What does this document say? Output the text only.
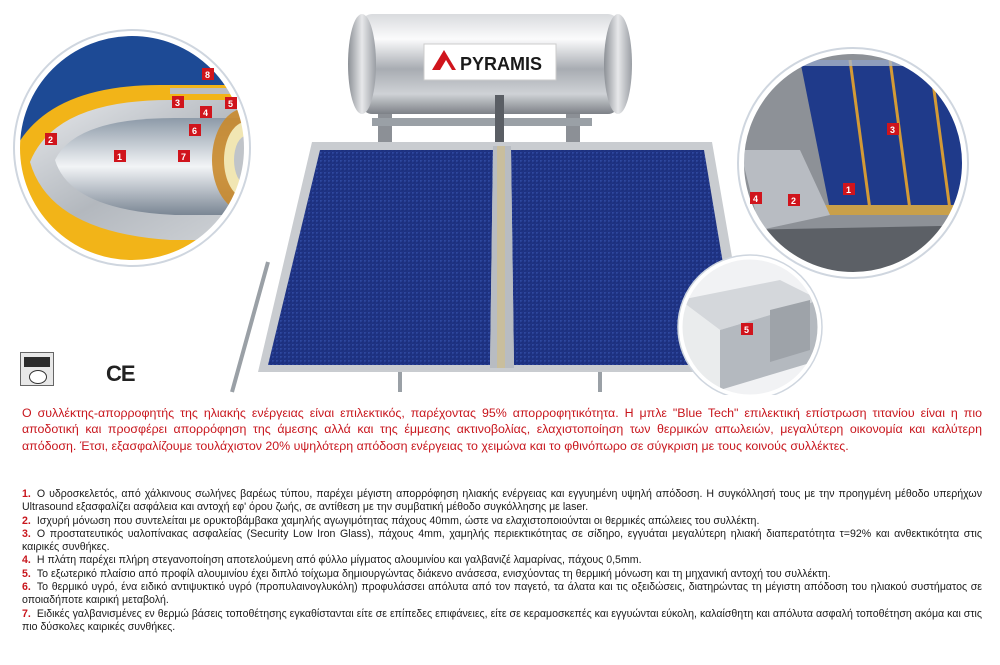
PYRAMIS
8
3
4
5
6
2
1	7
3
1
2
4
5
CE
Ο συλλέκτης-απορροφητής της ηλιακής ενέργειας είναι επιλεκτικός, παρέχοντας 95% απορροφητικότητα. Η μπλε "Blue Tech" επιλεκτική επίστρωση τιτανίου είναι η πιο αποδοτική και προσφέρει απορρόφηση της άμεσης αλλά και της έμμεσης ακτινοβολίας, ελαχιστοποίηση των θερμικών απωλειών, μεγαλύτερη οικονομία και καλύτερη απόδοση. Έτσι, εξασφαλίζουμε τουλάχιστον 20% υψηλότερη απόδοση ενέργειας το χειμώνα και το φθινόπωρο σε σύγκριση με τους κοινούς συλλέκτες.
1. Ο υδροσκελετός, από χάλκινους σωλήνες βαρέως τύπου, παρέχει μέγιστη απορρόφηση ηλιακής ενέργειας και εγγυημένη υψηλή απόδοση. Η συγκόλλησή τους με την προηγμένη μέθοδο υπερήχων Ultrasound εξασφαλίζει ασφάλεια και αντοχή εφ' όρου ζωής, σε αντίθεση με την συμβατική μέθοδο συγκόλλησης με laser.
2. Ισχυρή μόνωση που συντελείται με ορυκτοβάμβακα χαμηλής αγωγιμότητας πάχους 40mm, ώστε να ελαχιστοποιούνται οι θερμικές απώλειες του συλλέκτη.
3. Ο προστατευτικός υαλοπίνακας ασφαλείας (Security Low Iron Glass), πάχους 4mm, χαμηλής περιεκτικότητας σε σίδηρο, εγγυάται μεγαλύτερη ηλιακή διαπερατότητα τ=92% και ανθεκτικότητα στις καιρικές συνθήκες.
4. Η πλάτη παρέχει πλήρη στεγανοποίηση αποτελούμενη από φύλλο μίγματος αλουμινίου και γαλβανιζέ λαμαρίνας, πάχους 0,5mm.
5. Το εξωτερικό πλαίσιο από προφίλ αλουμινίου έχει διπλό τοίχωμα δημιουργώντας διάκενο ανάσεσα, ενισχύοντας τη θερμική μόνωση και τη μηχανική αντοχή του συλλέκτη.
6. Το θερμικό υγρό, ένα ειδικό αντιψυκτικό υγρό (προπυλαινογλυκόλη) προφυλάσσει απόλυτα από τον παγετό, τα άλατα και τις οξειδώσεις, διατηρώντας τη μέγιστη απόδοση του ηλιακού συστήματος σε οποιαδήποτε καιρική μεταβολή.
7. Ειδικές γαλβανισμένες εν θερμώ βάσεις τοποθέτησης εγκαθίστανται είτε σε επίπεδες επιφάνειες, είτε σε κεραμοσκεπές και εγγυώνται εύκολη, καλαίσθητη και απόλυτα ασφαλή τοποθέτηση ακόμα και στις πιο δύσκολες καιρικές συνθήκες.
